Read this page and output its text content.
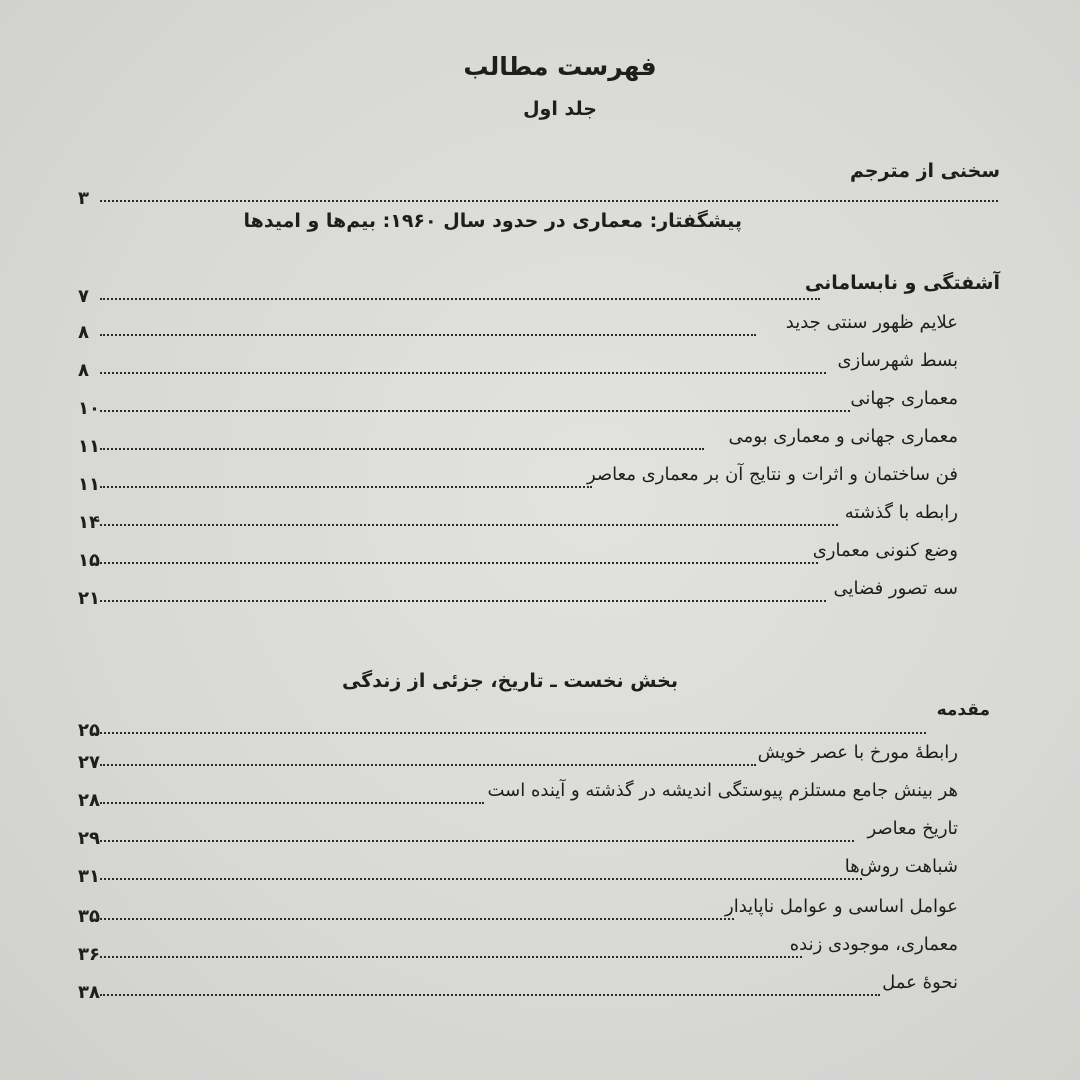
فهرست مطالب
جلد اول
سخنی از مترجم
۳
پیشگفتار: معماری در حدود سال ۱۹۶۰: بیم‌ها و امیدها
آشفتگی و نابسامانی
۷
علایم ظهور سنتی جدید
۸
بسط شهرسازی
۸
معماری جهانی
۱۰
معماری جهانی و معماری بومی
۱۱
فن ساختمان و اثرات و نتایج آن بر معماری معاصر
۱۱
رابطه با گذشته
۱۴
وضع کنونی معماری
۱۵
سه تصور فضایی
۲۱
بخش نخست ـ تاریخ، جزئی از زندگی
مقدمه
۲۵
رابطهٔ مورخ با عصر خویش
۲۷
هر بینش جامع مستلزم پیوستگی اندیشه در گذشته و آینده است
۲۸
تاریخ معاصر
۲۹
شباهت روش‌ها
۳۱
عوامل اساسی و عوامل ناپایدار
۳۵
معماری، موجودی زنده
۳۶
نحوهٔ عمل
۳۸
